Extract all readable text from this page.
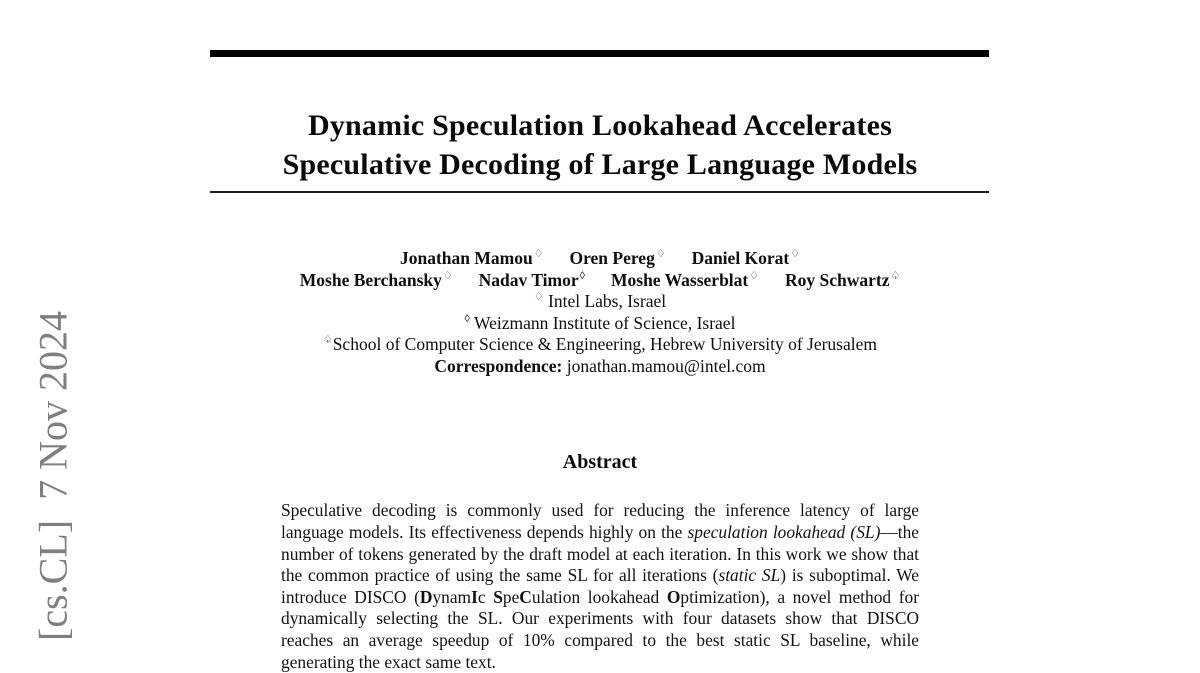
[cs.CL]  7 Nov 2024
Dynamic Speculation Lookahead Accelerates
Speculative Decoding of Large Language Models
Jonathan Mamou♢ Oren Pereg♢ Daniel Korat♢
Moshe Berchansky♢ Nadav Timor◊ Moshe Wasserblat♢ Roy Schwartz♤
♢ Intel Labs, Israel
◊ Weizmann Institute of Science, Israel
♤School of Computer Science & Engineering, Hebrew University of Jerusalem
Correspondence: jonathan.mamou@intel.com
Abstract

Speculative decoding is commonly used for reducing the inference latency of large language models. Its effectiveness depends highly on the speculation lookahead (SL)—the number of tokens generated by the draft model at each iteration. In this work we show that the common practice of using the same SL for all iterations (static SL) is suboptimal. We introduce DISCO (DynamIc SpeCulation lookahead Optimization), a novel method for dynamically selecting the SL. Our experiments with four datasets show that DISCO reaches an average speedup of 10% compared to the best static SL baseline, while generating the exact same text.
